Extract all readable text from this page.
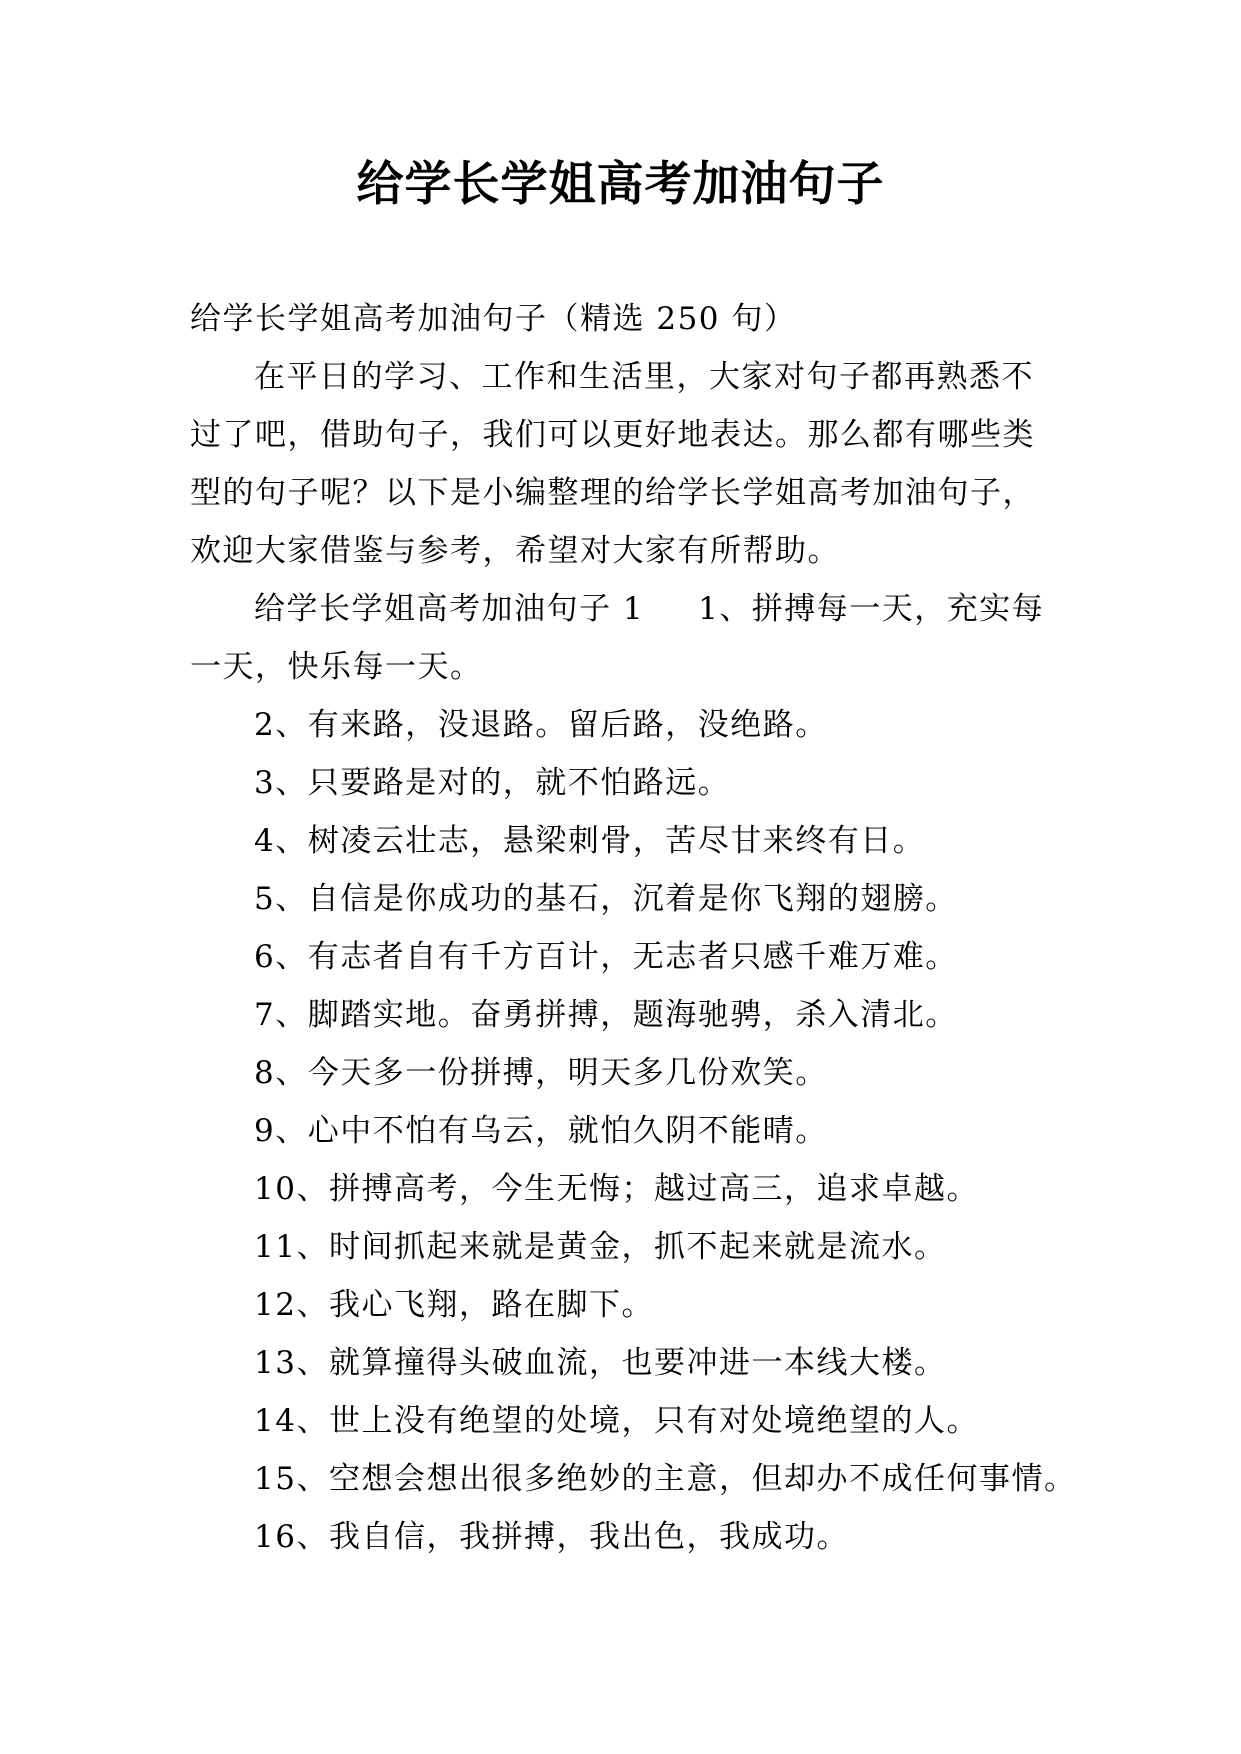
给学长学姐高考加油句子
给学长学姐高考加油句子（精选 250 句）
在平日的学习、工作和生活里，大家对句子都再熟悉不
过了吧，借助句子，我们可以更好地表达。那么都有哪些类
型的句子呢？以下是小编整理的给学长学姐高考加油句子，
欢迎大家借鉴与参考，希望对大家有所帮助。
给学长学姐高考加油句子 1 1、拼搏每一天，充实每
一天，快乐每一天。
2、有来路，没退路。留后路，没绝路。
3、只要路是对的，就不怕路远。
4、树凌云壮志，悬梁刺骨，苦尽甘来终有日。
5、自信是你成功的基石，沉着是你飞翔的翅膀。
6、有志者自有千方百计，无志者只感千难万难。
7、脚踏实地。奋勇拼搏，题海驰骋，杀入清北。
8、今天多一份拼搏，明天多几份欢笑。
9、心中不怕有乌云，就怕久阴不能晴。
10、拼搏高考，今生无悔；越过高三，追求卓越。
11、时间抓起来就是黄金，抓不起来就是流水。
12、我心飞翔，路在脚下。
13、就算撞得头破血流，也要冲进一本线大楼。
14、世上没有绝望的处境，只有对处境绝望的人。
15、空想会想出很多绝妙的主意，但却办不成任何事情。
16、我自信，我拼搏，我出色，我成功。
